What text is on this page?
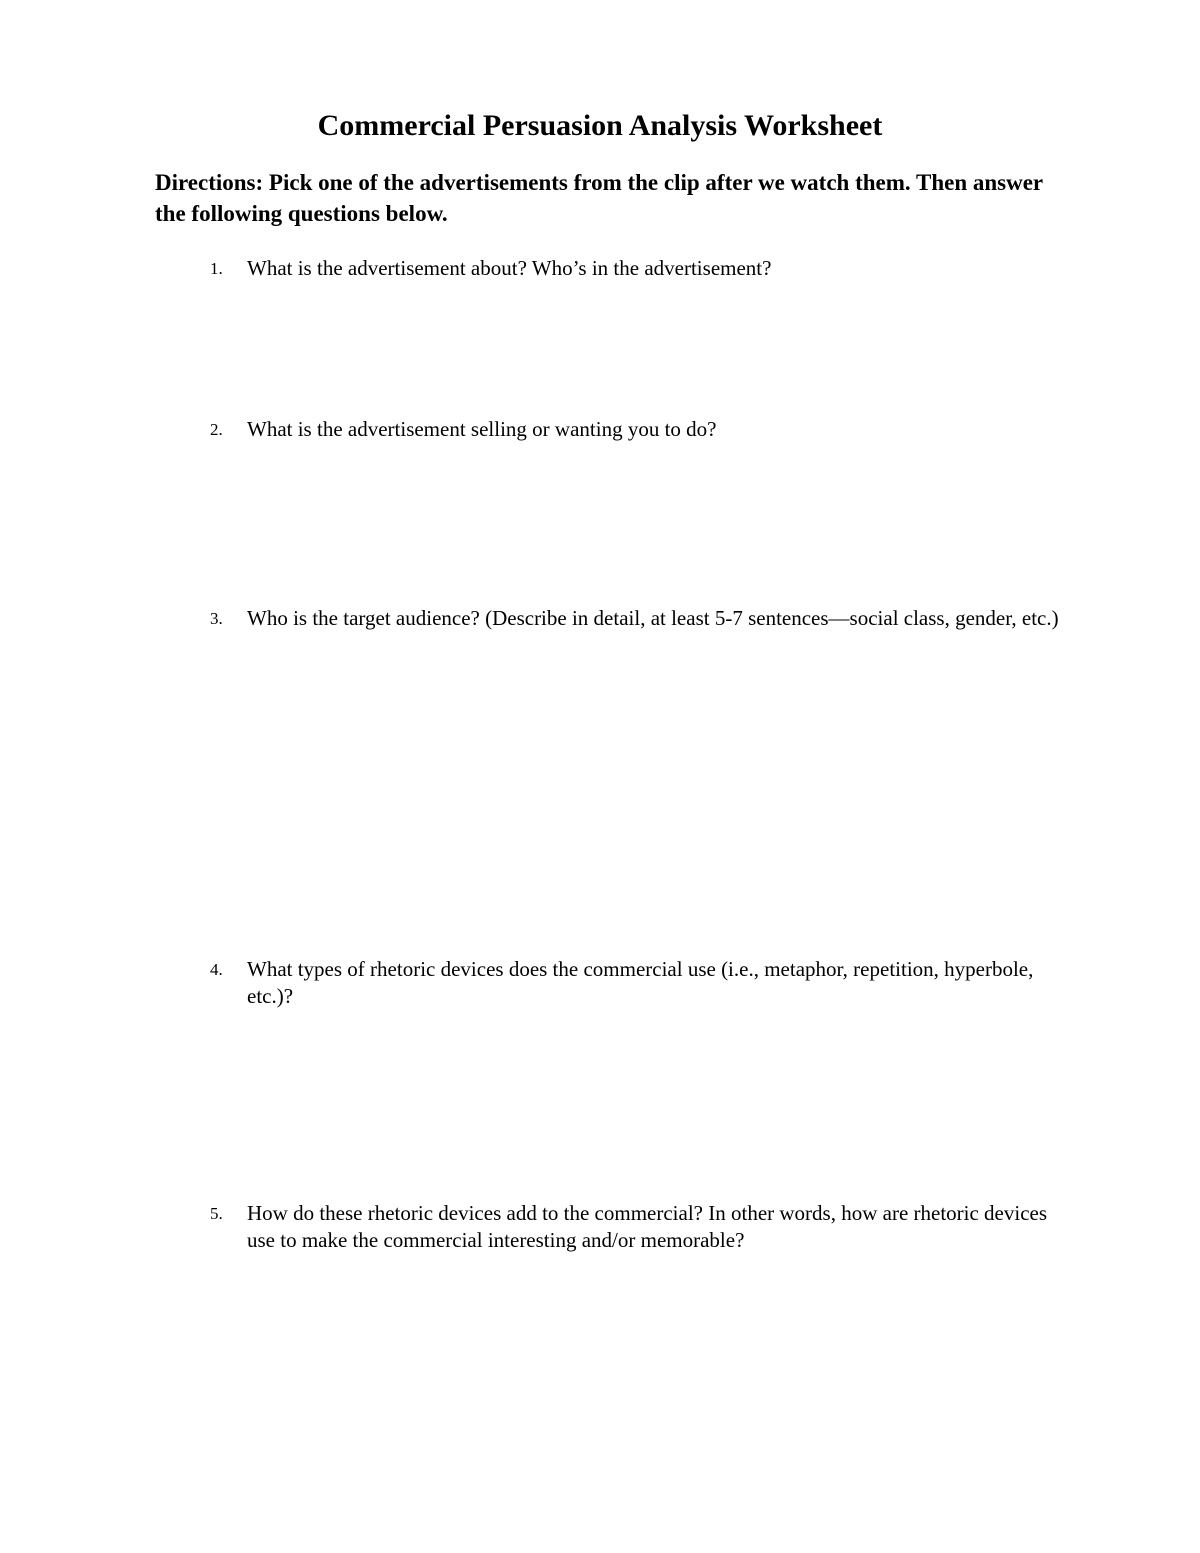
Commercial Persuasion Analysis Worksheet

Directions: Pick one of the advertisements from the clip after we watch them. Then answer the following questions below.

1. What is the advertisement about? Who’s in the advertisement?
2. What is the advertisement selling or wanting you to do?
3. Who is the target audience? (Describe in detail, at least 5-7 sentences—social class, gender, etc.)
4. What types of rhetoric devices does the commercial use (i.e., metaphor, repetition, hyperbole, etc.)?
5. How do these rhetoric devices add to the commercial? In other words, how are rhetoric devices use to make the commercial interesting and/or memorable?
